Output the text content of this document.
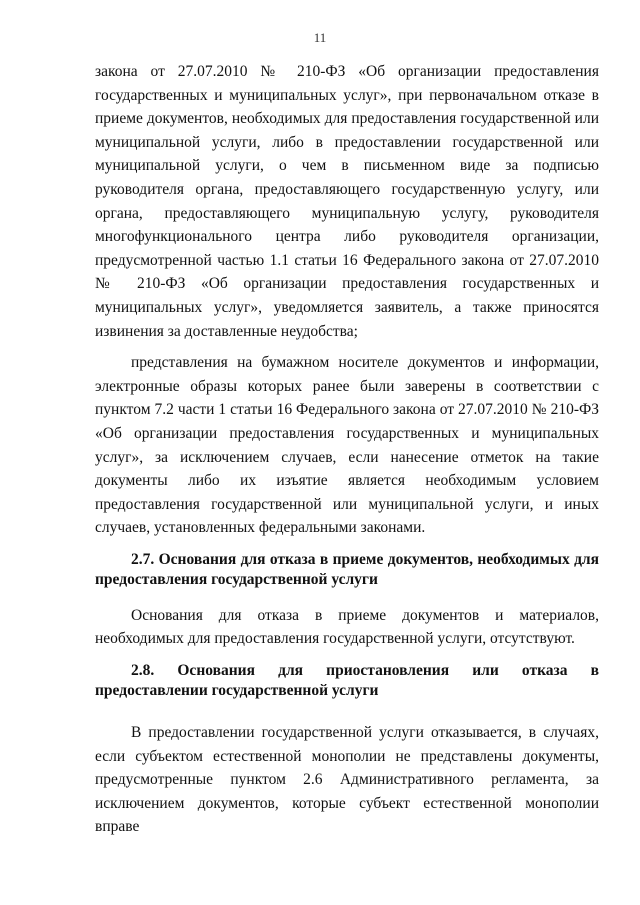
11

закона от 27.07.2010 № 210-ФЗ «Об организации предоставления государственных и муниципальных услуг», при первоначальном отказе в приеме документов, необходимых для предоставления государственной или муниципальной услуги, либо в предоставлении государственной или муниципальной услуги, о чем в письменном виде за подписью руководителя органа, предоставляющего государственную услугу, или органа, предоставляющего муниципальную услугу, руководителя многофункционального центра либо руководителя организации, предусмотренной частью 1.1 статьи 16 Федерального закона от 27.07.2010 № 210-ФЗ «Об организации предоставления государственных и муниципальных услуг», уведомляется заявитель, а также приносятся извинения за доставленные неудобства;

представления на бумажном носителе документов и информации, электронные образы которых ранее были заверены в соответствии с пунктом 7.2 части 1 статьи 16 Федерального закона от 27.07.2010 № 210-ФЗ «Об организации предоставления государственных и муниципальных услуг», за исключением случаев, если нанесение отметок на такие документы либо их изъятие является необходимым условием предоставления государственной или муниципальной услуги, и иных случаев, установленных федеральными законами.

2.7. Основания для отказа в приеме документов, необходимых для предоставления государственной услуги

Основания для отказа в приеме документов и материалов, необходимых для предоставления государственной услуги, отсутствуют.

2.8. Основания для приостановления или отказа в предоставлении государственной услуги

В предоставлении государственной услуги отказывается, в случаях, если субъектом естественной монополии не представлены документы, предусмотренные пунктом 2.6 Административного регламента, за исключением документов, которые субъект естественной монополии вправе
